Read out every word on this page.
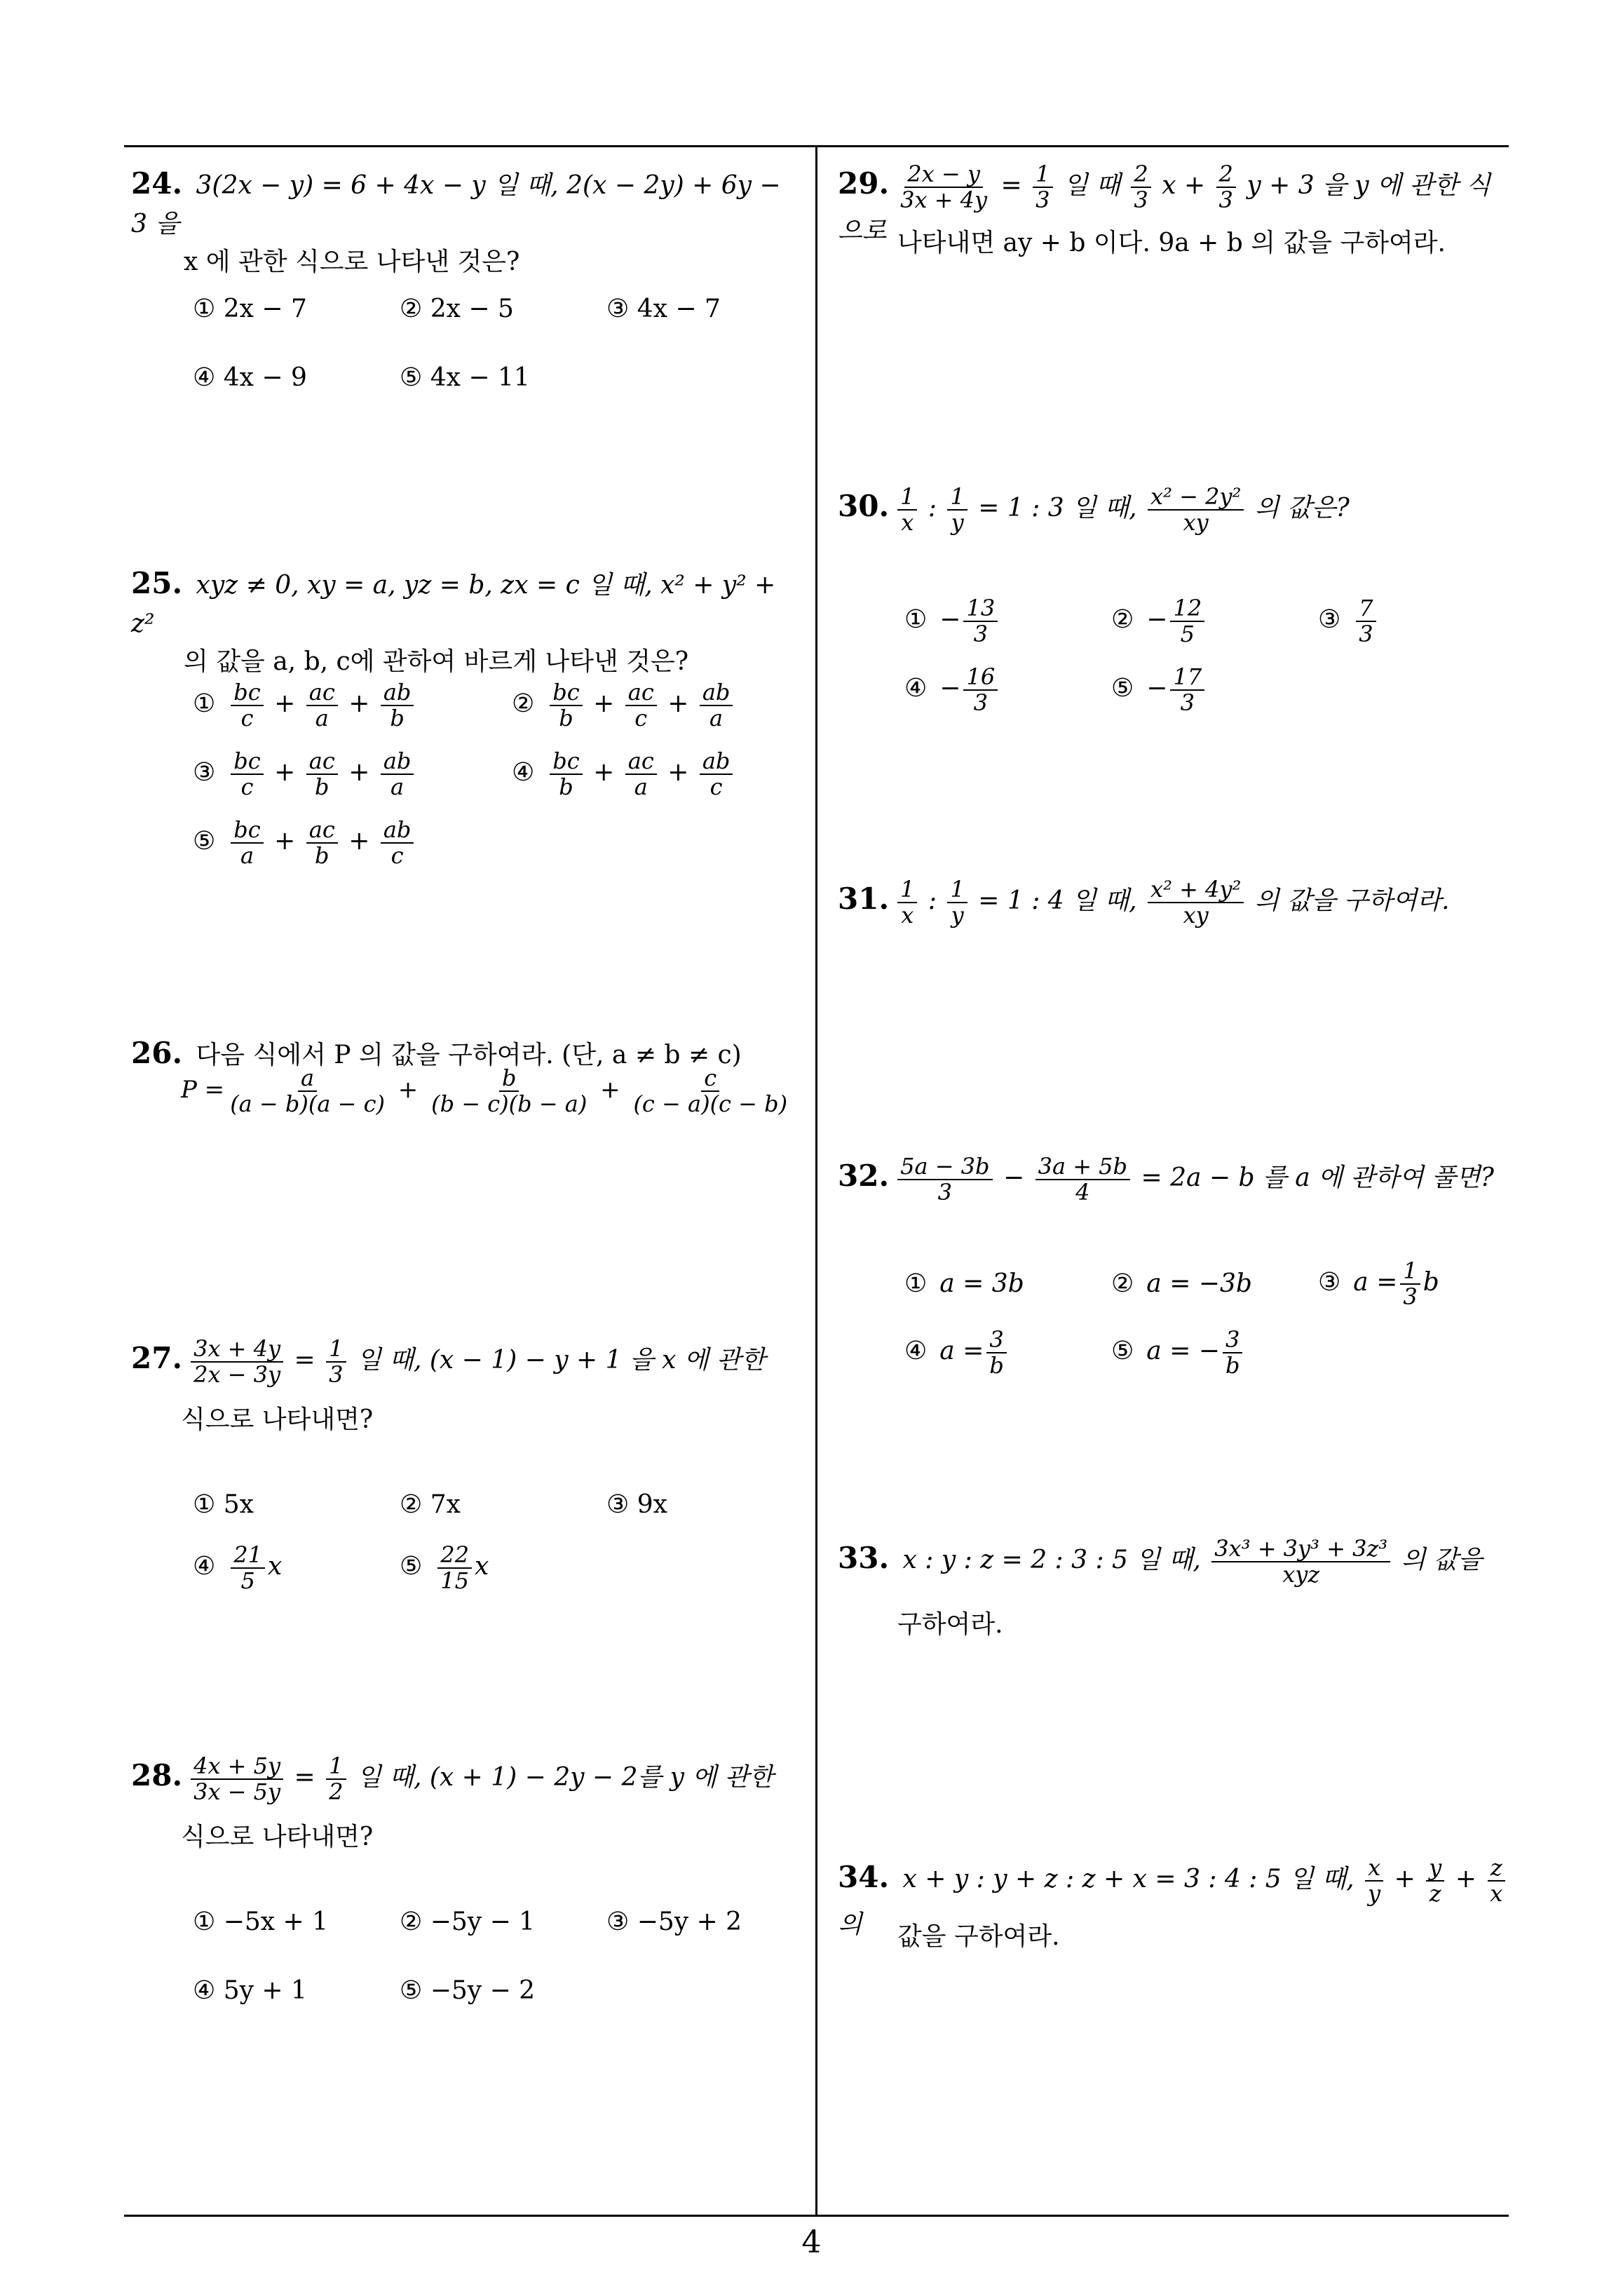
24. 3(2x − y) = 6 + 4x − y 일 때, 2(x − 2y) + 6y − 3 을

x 에 관한 식으로 나타낸 것은?
① 2x − 7	② 2x − 5	③ 4x − 7
④ 4x − 9	⑤ 4x − 11
25. xyz ≠ 0, xy = a, yz = b, zx = c 일 때, x² + y² + z²

의 값을 a, b, c에 관하여 바르게 나타낸 것은?
① $\frac{bc}{c} + \frac{ac}{a} + \frac{ab}{b}$	② $\frac{bc}{b} + \frac{ac}{c} + \frac{ab}{a}$
③ $\frac{bc}{c} + \frac{ac}{b} + \frac{ab}{a}$	④ $\frac{bc}{b} + \frac{ac}{a} + \frac{ab}{c}$
⑤ $\frac{bc}{a} + \frac{ac}{b} + \frac{ab}{c}$
26. 다음 식에서 P 의 값을 구하여라. (단, a ≠ b ≠ c)
$P = \frac{a}{(a - b)(a - c)} + \frac{b}{(b - c)(b - a)} + \frac{c}{(c - a)(c - b)}$
27. $\frac{3x + 4y}{2x - 3y} = \frac{1}{3}$ 일 때, (x − 1) − y + 1 을 x 에 관한
식으로 나타내면?
① 5x	② 7x	③ 9x
④ $\frac{21}{5}$ x	⑤ $\frac{22}{15}$ x
28. $\frac{4x + 5y}{3x - 5y} = \frac{1}{2}$ 일 때, (x + 1) − 2y − 2를 y 에 관한
식으로 나타내면?
① −5x + 1	② −5y − 1	③ −5y + 2
④ 5y + 1	⑤ −5y − 2
29. $\frac{2x - y}{3x + 4y} = \frac{1}{3}$ 일 때 $\frac{2}{3}$ $x + \frac{2}{3}$ y + 3 을 y 에 관한 식으로 나타내면 ay + b 이다. 9a + b 의 값을 구하여라.
30. $\frac{1}{x}$ : $\frac{1}{y} = 1$ : 3 일 때, $\frac{\text{x² − 2y²}}{xy}$ 의 값은?
① − $\frac{13}{3}$	② − $\frac{12}{5}$	③ $\frac{7}{3}$
④ − $\frac{16}{3}$	⑤ − $\frac{17}{3}$
31. $\frac{1}{x}$ : $\frac{1}{y} = 1$ : 4 일 때, $\frac{\text{x² + 4y²}}{xy}$ 의 값을 구하여라.
32. $\frac{5a - 3b}{3} - \frac{3a + 5b}{4} = 2a - b$ 를 a 에 관하여 풀면?
① a = 3b	② a = −3b	③ $a = \frac{1}{3}$ b
④ $a = \frac{3}{b}$	⑤ a = − $\frac{3}{b}$
33. x : y : z = 2 : 3 : 5 일 때, $\frac{\text{3x³ + 3y³ + 3z³}}{\text{xyz}}$ 의 값을
구하여라.
34. x + y : y + z : z + x = 3 : 4 : 5 일 때, $\frac{x}{y} + \frac{y}{z} + \frac{z}{x}$
의	값을 구하여라.
4
